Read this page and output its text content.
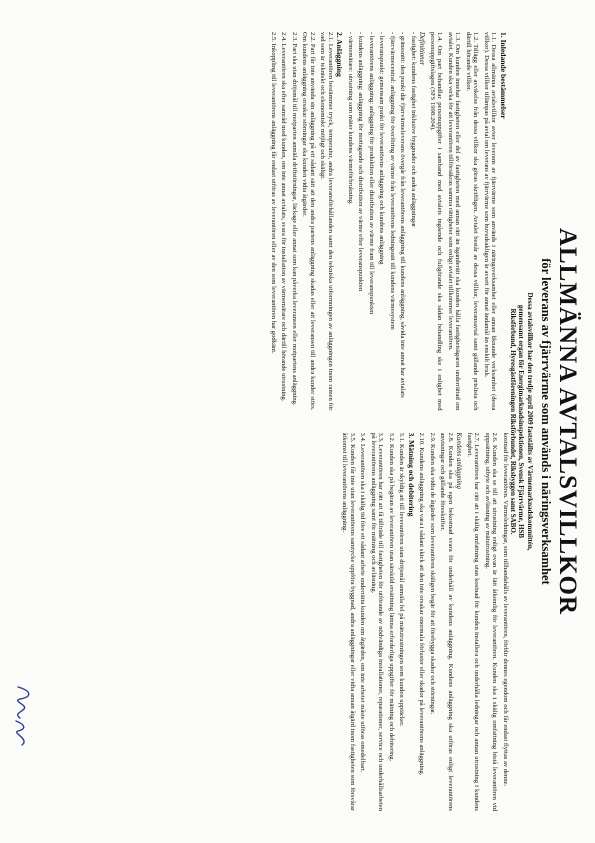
ALLMÄNNA AVTALSVILLKOR
för leverans av fjärrvärme som används i näringsverksamhet
Dessa avtalsvillkor har den tredje april 2009 fastställts av Värmemarknadskommittén,
gemensamt organ för Energimarknadsinspektionen, Svensk Fjärrvärme, HSB
Riksförbund, Hyresgästföreningen Riksförbundet, Riksbyggen samt SABO.
1. Inledande bestämmelser

1.1. Dessa allmänna avtalsvillkor avser leverans av fjärrvärme som används i näringsverksamhet eller annan liknande verksamhet (dessa villkor). Dessa villkor tillämpas på avtal om leverans av fjärrvärme som huvudsakligen är avsett för annat ändamål än enskilt bruk.

1.2. Tillägg eller avvikelse från dessa villkor ska göras skriftligen. Avtalet består av dessa villkor, leveransavtal samt gällande prislista och därtill hörande villkor.

1.3. Om kunden innehar fastigheten eller del av fastigheten med annan rätt än äganderätt ska kunden hålla fastighetsägaren underrättad om avtalet. Kunden ska verka för att leverantören tillförsäkras samma rättigheter som enligt avtalet tillkommer leverantören.

1.4. Om part behandlar personuppgifter i samband med avtalets ingående och fullgörande ska sådan behandling ske i enlighet med personuppgiftslagen (SFS 1998:204).

Definitioner

- fastighet: kundens fastighet inklusive byggnader och andra anläggningar

- gränssnitt: den punkt där fjärrvärmeleverans övergår från leverantörens anläggning till kundens anläggning, såvida inte annat har avtalats

- fjärrvärmecentral: anläggning för överföring av värme från leverantörens ledningsnät till kundens värmesystem

- leveranspunkt: gemensam punkt för leverantörens anläggning och kundens anläggning

- leverantörens anläggning: anläggning för produktion eller distribution av värme fram till leveranspunkten

- kundens anläggning: anläggning för mottagande och distribution av värme efter leveranspunkten

- värmemätare: utrustning som mäter kundens värmeförbrukning.

2. Anläggning

2.1. Leverantören bestämmer tryck, temperatur, andra leveransförhållanden samt den tekniska utformningen av anläggningen inom ramen för vad som är tekniskt och ekonomiskt möjligt och skäligt.

2.2. Part får inte använda sin anläggning på ett sådant sätt att den andra partens anläggning skadas eller att leveransen till andra kunder störs. Om kundens anläggning orsakar störningar ska kunden vidta åtgärder.

2.3. Part ska utan dröjsmål till motparten anmäla driftstörningar, läckage eller annat som kan påverka leveransen eller motpartens anläggning.

2.4. Leverantören ska efter samråd med kunden, om inte annat avtalats, svara för installation av värmemätare och därtill hörande utrustning.

2.5. Inkoppling till leverantörens anläggning får endast utföras av leverantören eller av den som leverantören har godkänt.

kostnad för leverantören. Värmeledningar, som tillhandahålls av leverantören, förblir dennes egendom och får endast flyttas av denne.

2.6. Kunden ska se till att utrustning enligt ovan är lätt åtkomlig för leverantören. Kunden ska i skälig omfattning bistå leverantören vid uppsättning, utbyte och avläsning av mätutrustning.

2.7. Leverantören har rätt att i skälig omfattning utan kostnad för kunden installera och underhålla ledningar och annan utrustning i kundens fastighet.

Kundens anläggning

2.8. Kunden ska på egen bekostnad svara för underhåll av kundens anläggning. Kundens anläggning ska utföras enligt leverantörens anvisningar och gällande föreskrifter.

2.9. Kunden ska vidta de åtgärder som leverantören skäligen begär för att förebygga skador och störningar.

2.10. Kundens anläggning ska vara i sådant skick att den inte orsakar onormala förluster eller skador på leverantörens anläggning.

3. Mätning och debitering

3.1. Kunden är skyldig att till leverantören utan dröjsmål anmäla fel på mätutrustningen som kunden upptäcker.

3.2. Kunden ska på begäran av leverantören utan särskild ersättning lämna erforderliga uppgifter för mätning och debitering.

3.3. Leverantören har rätt att få tillträde till fastigheten för utförande av nödvändiga installationer, reparationer, service och underhållsarbeten på leverantörens anläggning samt för mätning och avläsning.

3.4. Leverantören ska i skälig tid före ett sådant arbete underrätta kunden om åtgärden, om inte arbetet måste utföras omedelbart.

3.5. Kunden får inte utan leverantörens samtycke uppföra byggnad, andra anläggningar eller vidta annan åtgärd inom fastigheten som försvårar åtkomst till leverantörens anläggning.
